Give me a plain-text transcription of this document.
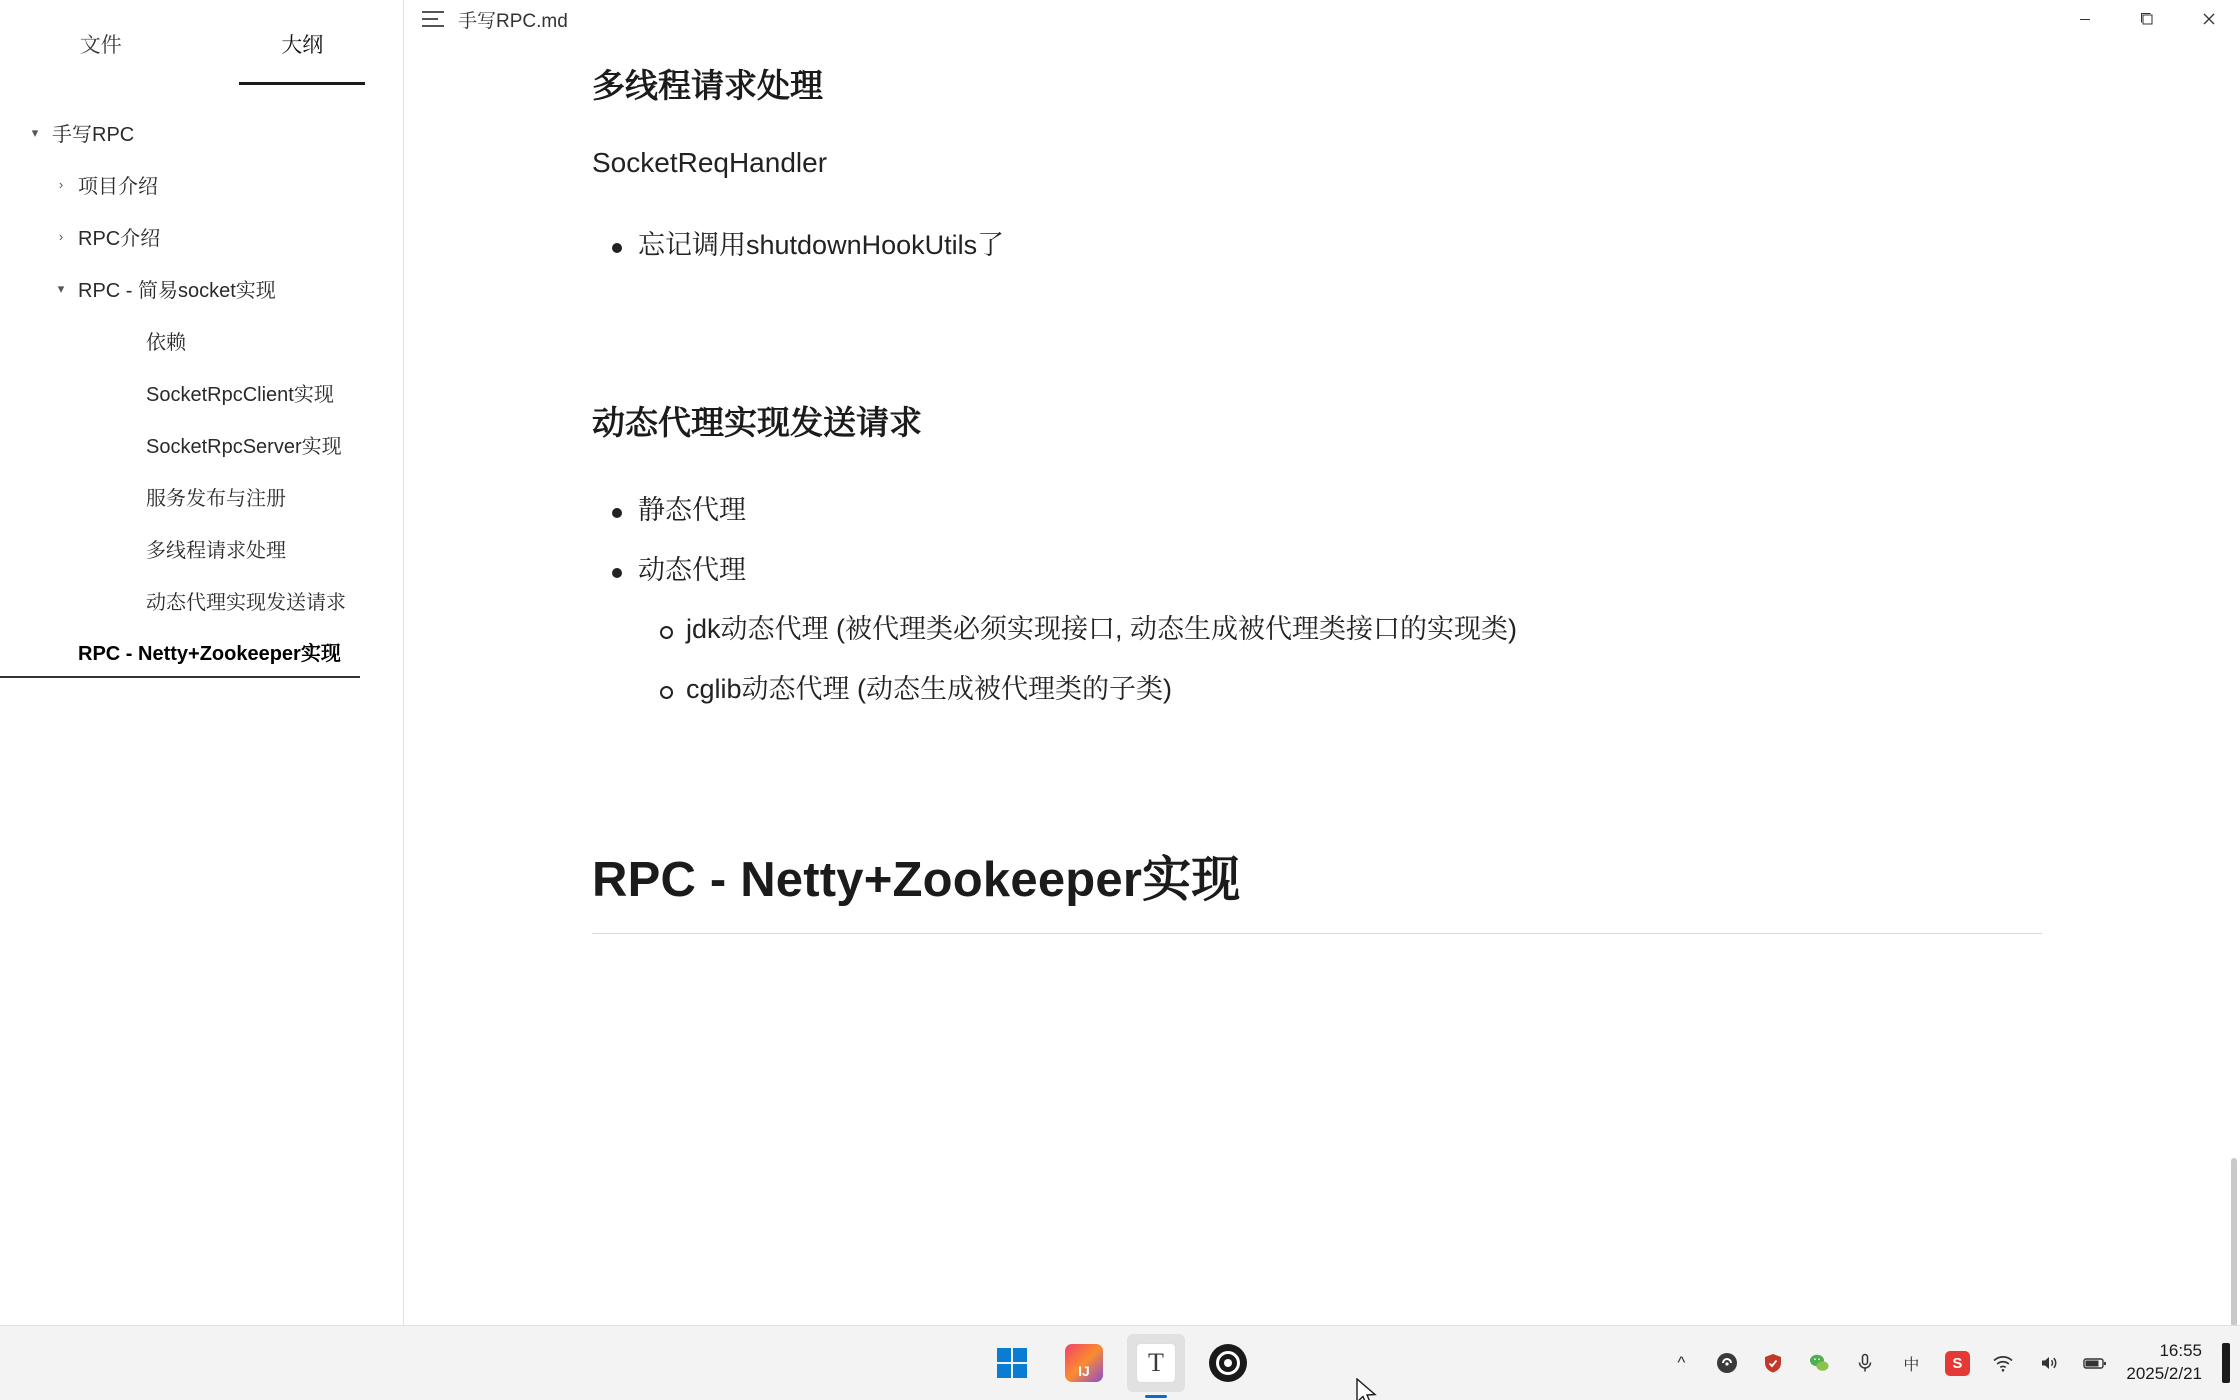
文件	大纲
▾ 手写RPC
› 项目介绍
› RPC介绍
▾ RPC - 简易socket实现
依赖
SocketRpcClient实现
SocketRpcServer实现
服务发布与注册
多线程请求处理
动态代理实现发送请求
RPC - Netty+Zookeeper实现
手写RPC.md
多线程请求处理

SocketReqHandler

忘记调用shutdownHookUtils了
动态代理实现发送请求
静态代理
动态代理
jdk动态代理 (被代理类必须实现接口, 动态生成被代理类接口的实现类)
cglib动态代理 (动态生成被代理类的子类)
RPC - Netty+Zookeeper实现
IJ T	^	中	S
16:55
2025/2/21
